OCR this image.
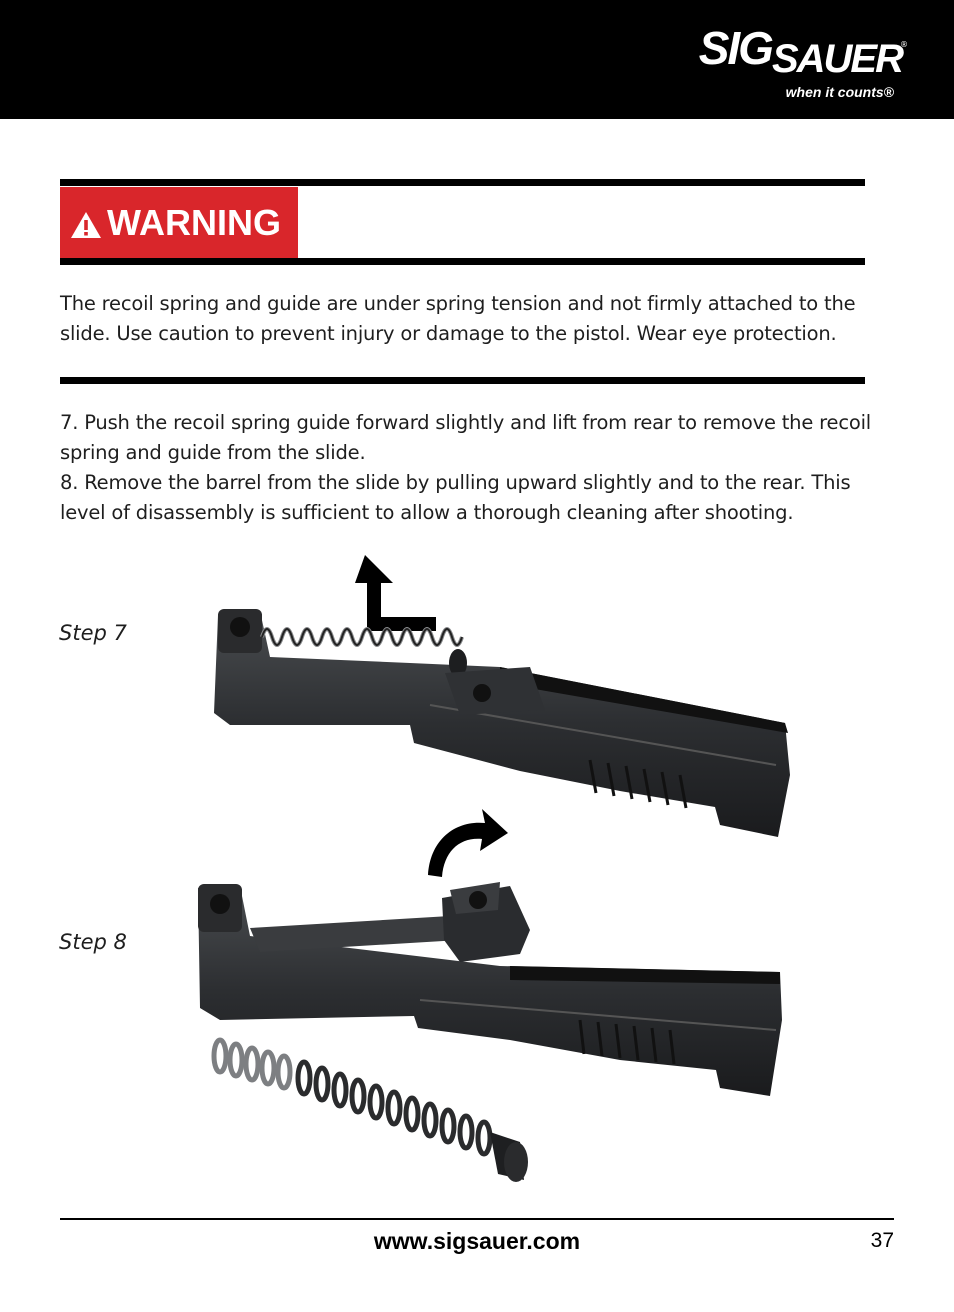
SIGSAUER
®
when it counts®
WARNING
The recoil spring and guide are under spring tension and not firmly attached to the slide. Use caution to prevent injury or damage to the pistol. Wear eye protection.
7. Push the recoil spring guide forward slightly and lift from rear to remove the recoil spring and guide from the slide.
8. Remove the barrel from the slide by pulling upward slightly and to the rear. This level of disassembly is sufficient to allow a thorough cleaning after shooting.
Step 7
Step 8
www.sigsauer.com	37
